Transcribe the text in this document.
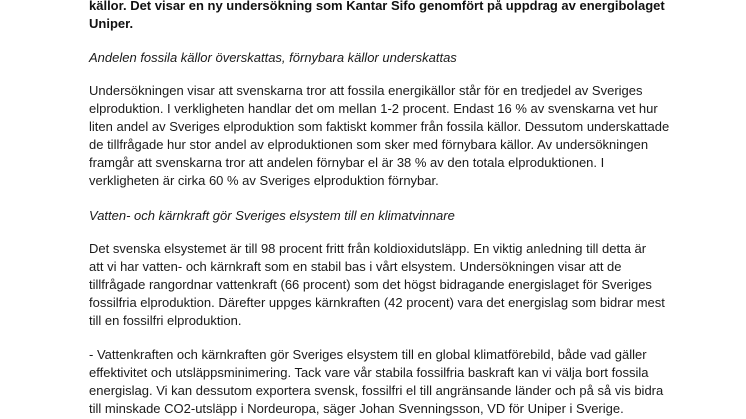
källor. Det visar en ny undersökning som Kantar Sifo genomfört på uppdrag av energibolaget

Uniper.

Andelen fossila källor överskattas, förnybara källor underskattas

Undersökningen visar att svenskarna tror att fossila energikällor står för en tredjedel av Sveriges

elproduktion. I verkligheten handlar det om mellan 1-2 procent. Endast 16 % av svenskarna vet hur

liten andel av Sveriges elproduktion som faktiskt kommer från fossila källor. Dessutom underskattade

de tillfrågade hur stor andel av elproduktionen som sker med förnybara källor. Av undersökningen

framgår att svenskarna tror att andelen förnybar el är 38 % av den totala elproduktionen. I

verkligheten är cirka 60 % av Sveriges elproduktion förnybar.

Vatten- och kärnkraft gör Sveriges elsystem till en klimatvinnare

Det svenska elsystemet är till 98 procent fritt från koldioxidutsläpp. En viktig anledning till detta är

att vi har vatten- och kärnkraft som en stabil bas i vårt elsystem. Undersökningen visar att de

tillfrågade rangordnar vattenkraft (66 procent) som det högst bidragande energislaget för Sveriges

fossilfria elproduktion. Därefter uppges kärnkraften (42 procent) vara det energislag som bidrar mest

till en fossilfri elproduktion.

- Vattenkraften och kärnkraften gör Sveriges elsystem till en global klimatförebild, både vad gäller

effektivitet och utsläppsminimering. Tack vare vår stabila fossilfria baskraft kan vi välja bort fossila

energislag. Vi kan dessutom exportera svensk, fossilfri el till angränsande länder och på så vis bidra

till minskade CO2-utsläpp i Nordeuropa, säger Johan Svenningsson, VD för Uniper i Sverige.
